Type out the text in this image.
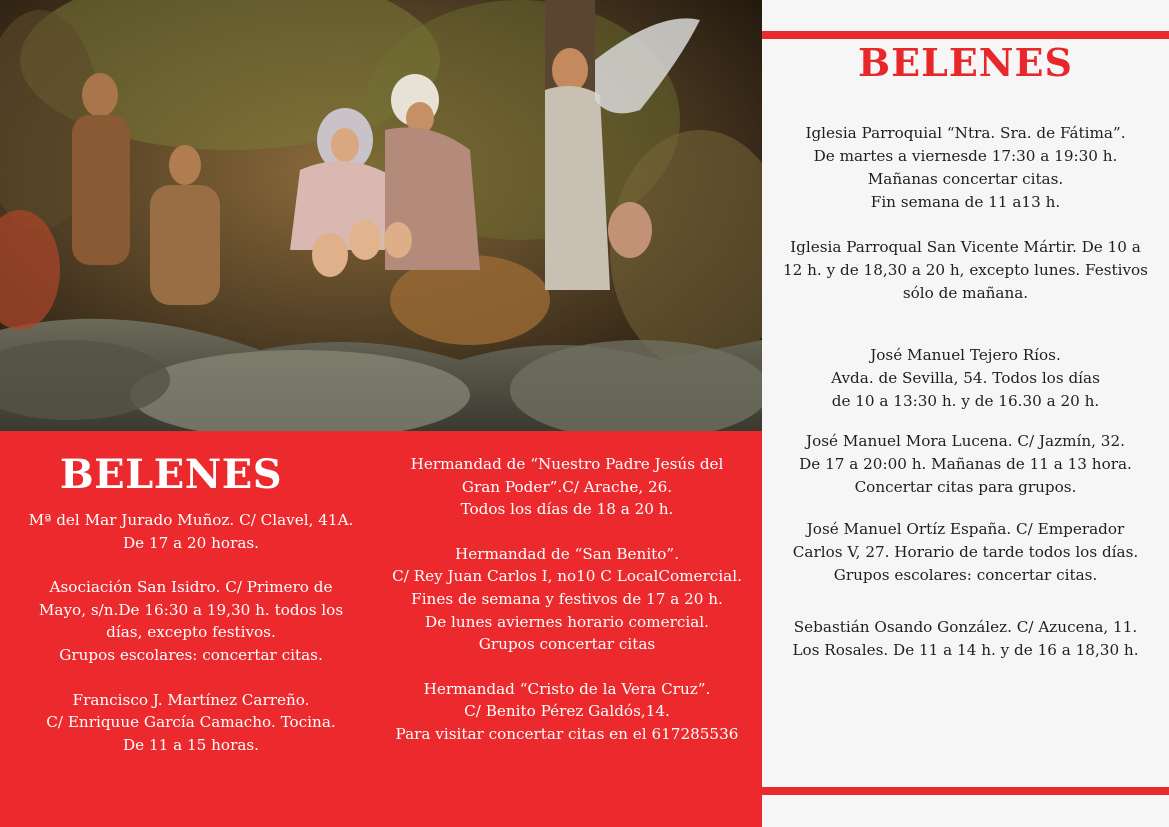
BELENES
Mª del Mar Jurado Muñoz. C/ Clavel, 41A.
De 17 a 20 horas.
Asociación San Isidro. C/ Primero de
Mayo, s/n.De 16:30 a 19,30 h. todos los
días, excepto festivos.
Grupos escolares: concertar citas.
Francisco J. Martínez Carreño.
C/ Enriquue García Camacho. Tocina.
De 11 a 15 horas.
Hermandad de “Nuestro Padre Jesús del
Gran Poder”.C/ Arache, 26.
Todos los días de 18 a 20 h.
Hermandad de “San Benito”.
C/ Rey Juan Carlos I, no10 C LocalComercial.
Fines de semana y festivos de 17 a 20 h.
De lunes aviernes horario comercial.
Grupos concertar citas
Hermandad “Cristo de la Vera Cruz”.
C/ Benito Pérez Galdós,14.
Para visitar concertar citas en el 617285536
BELENES
Iglesia Parroquial “Ntra. Sra. de Fátima”.
De martes a viernesde 17:30 a 19:30 h.
Mañanas concertar citas.
Fin semana de 11 a13 h.
Iglesia Parroqual San Vicente Mártir. De 10 a
12 h. y de 18,30 a 20 h, excepto lunes. Festivos
sólo de mañana.
José Manuel Tejero Ríos.
Avda. de Sevilla, 54. Todos los días
de 10 a 13:30 h. y de 16.30 a 20 h.
José Manuel Mora Lucena. C/ Jazmín, 32.
De 17 a 20:00 h. Mañanas de 11 a 13 hora.
Concertar citas para grupos.
José Manuel Ortíz España. C/ Emperador
Carlos V, 27. Horario de tarde todos los días.
Grupos escolares: concertar citas.
Sebastián Osando González. C/ Azucena, 11.
Los Rosales. De 11 a 14 h. y de 16 a 18,30 h.
